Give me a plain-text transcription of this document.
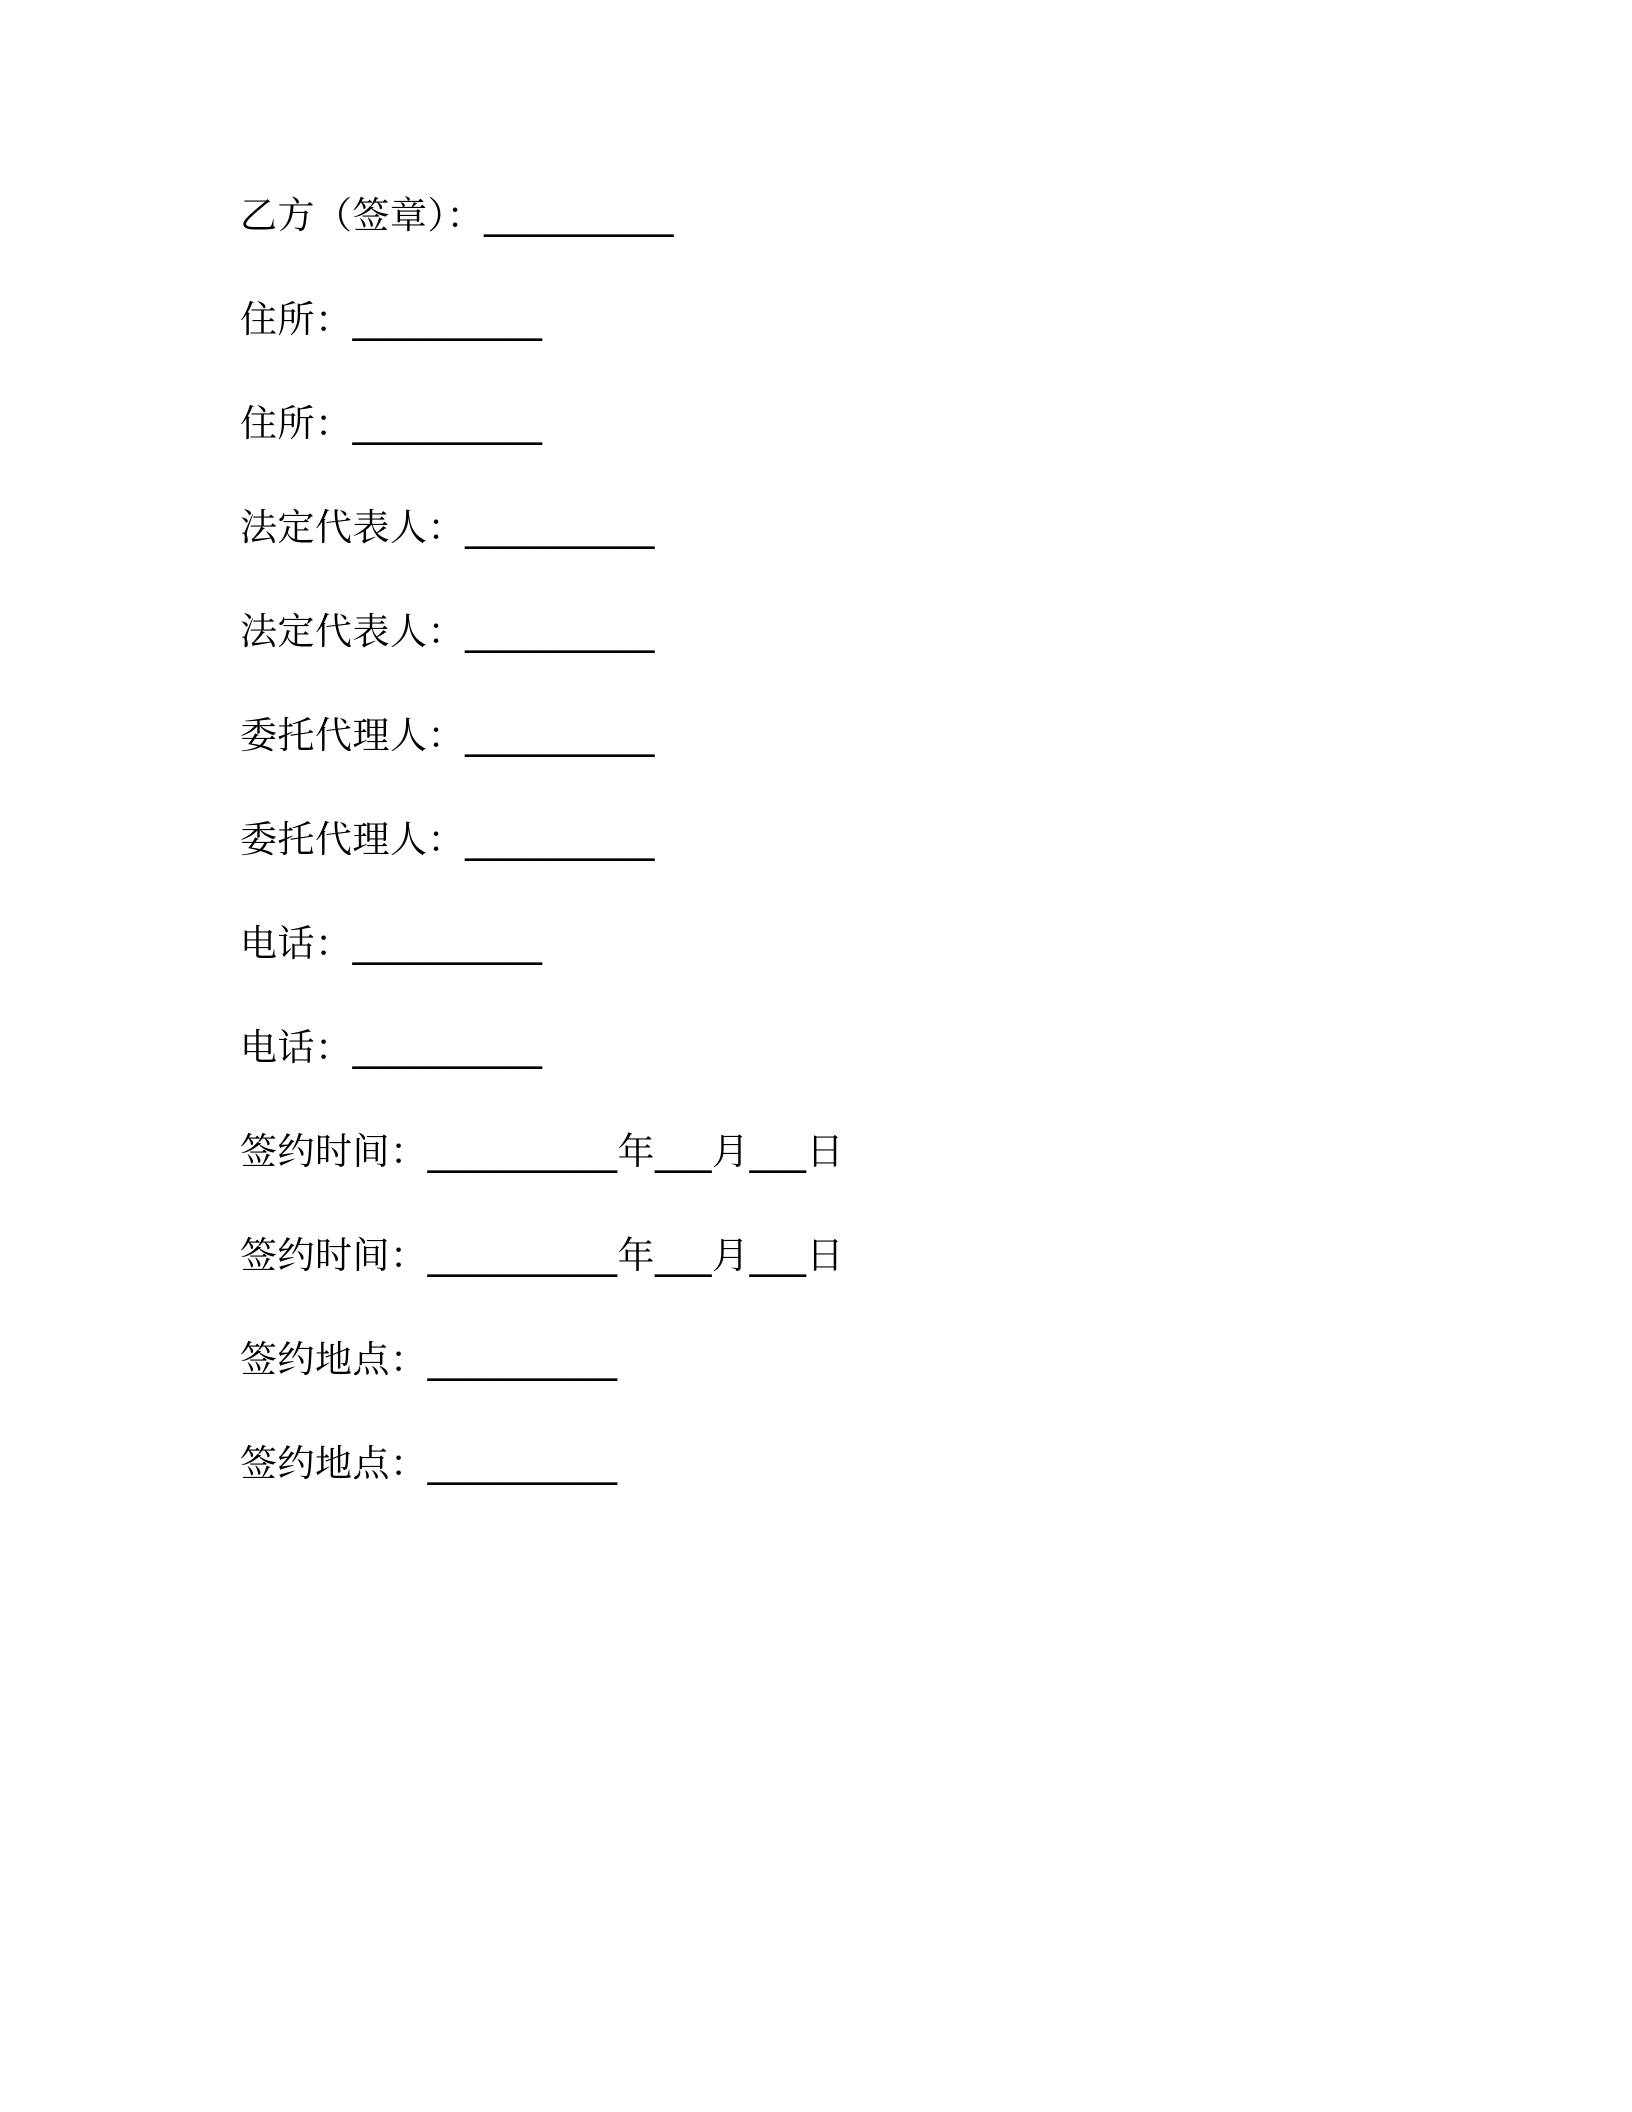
乙方（签章）：__________
住所：__________
住所：__________
法定代表人：__________
法定代表人：__________
委托代理人：__________
委托代理人：__________
电话：__________
电话：__________
签约时间：__________年___月___日
签约时间：__________年___月___日
签约地点：__________
签约地点：__________
